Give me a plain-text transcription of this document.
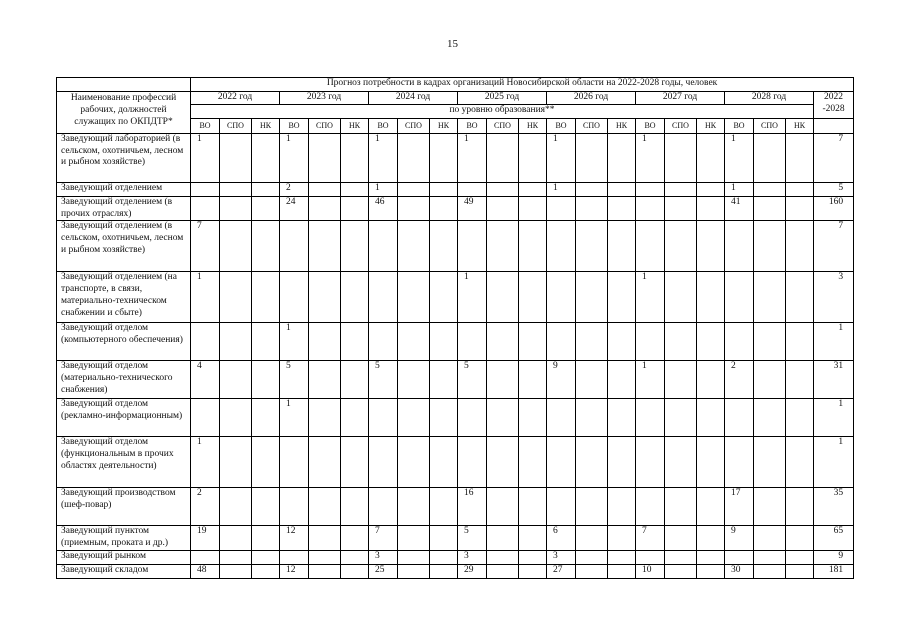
15
	Прогноз потребности в кадрах организаций Новосибирской области на 2022-2028 годы, человек																					
Наименование профессий рабочих, должностей служащих по ОКПДТР*	2022 год			2023 год			2024 год			2025 год			2026 год			2027 год			2028 год			2022 -2028
	по уровню образования**																					
	ВО	СПО	НК	ВО	СПО	НК	ВО	СПО	НК	ВО	СПО	НК	ВО	СПО	НК	ВО	СПО	НК	ВО	СПО	НК	
Заведующий лабораторией (в сельском, охотничьем, лесном и рыбном хозяйстве)	1			1			1			1			1			1			1			7
Заведующий отделением				2			1						1						1			5
Заведующий отделением (в прочих отраслях)				24			46			49									41			160
Заведующий отделением (в сельском, охотничьем, лесном и рыбном хозяйстве)	7																					7
Заведующий отделением (на транспорте, в связи, материально-техническом снабжении и сбыте)	1									1						1						3
Заведующий отделом (компьютерного обеспечения)				1																		1
Заведующий отделом (материально-технического снабжения)	4			5			5			5			9			1			2			31
Заведующий отделом (рекламно-информационным)				1																		1
Заведующий отделом (функциональным в прочих областях деятельности)	1																					1
Заведующий производством (шеф-повар)	2									16									17			35
Заведующий пунктом (приемным, проката и др.)	19			12			7			5			6			7			9			65
Заведующий рынком							3			3			3									9
Заведующий складом	48			12			25			29			27			10			30			181
